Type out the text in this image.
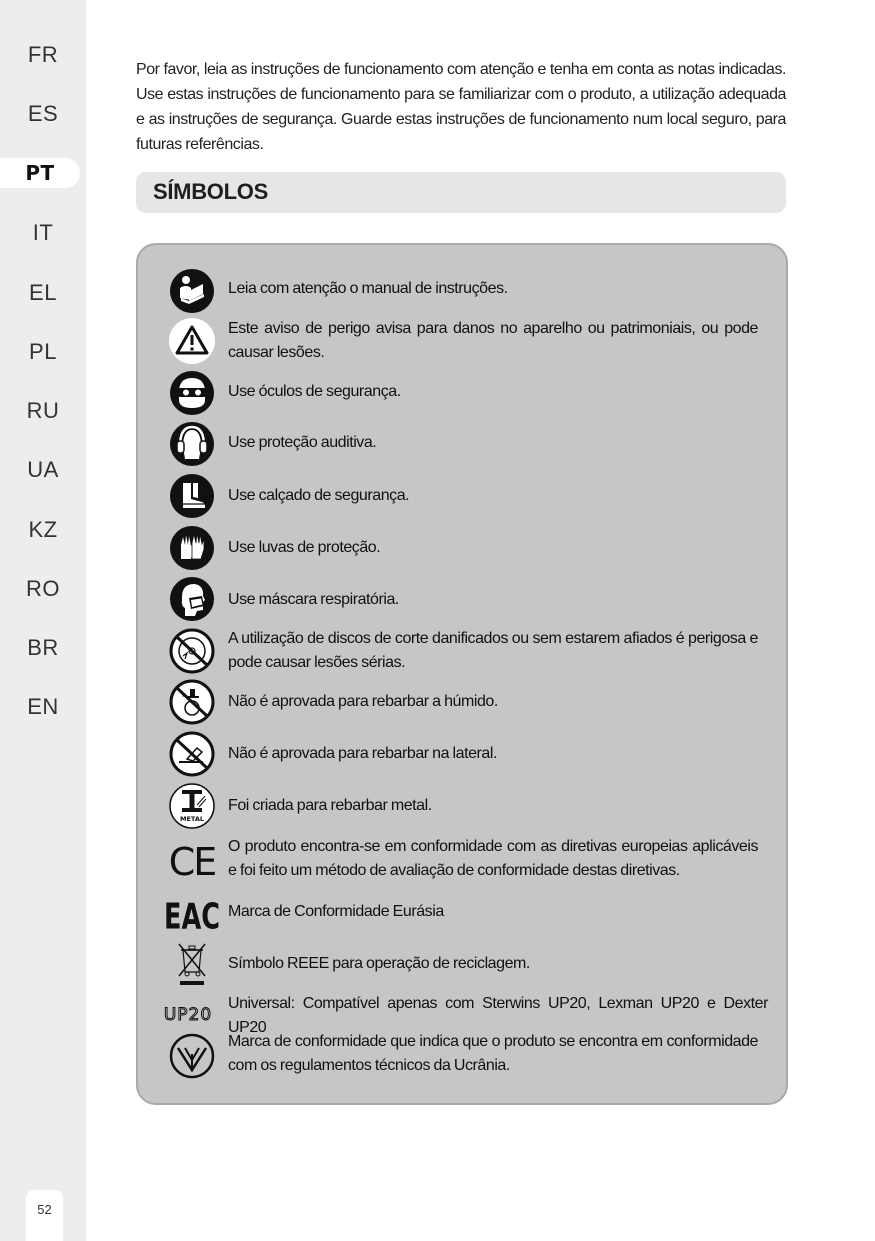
FR
ES
PT
IT
EL
PL
RU
UA
KZ
RO
BR
EN
52
Por favor, leia as instruções de funcionamento com atenção e tenha em conta as notas indicadas. Use estas instruções de funcionamento para se familiarizar com o produto, a utilização adequada e as instruções de segurança. Guarde estas instruções de funcionamento num local seguro, para futuras referências.
SÍMBOLOS
Leia com atenção o manual de instruções.
Este aviso de perigo avisa para danos no aparelho ou patrimoniais, ou pode causar lesões.
Use óculos de segurança.
Use proteção auditiva.
Use calçado de segurança.
Use luvas de proteção.
Use máscara respiratória.
A utilização de discos de corte danificados ou sem estarem afiados é perigosa e pode causar lesões sérias.
Não é aprovada para rebarbar a húmido.
Não é aprovada para rebarbar na lateral.
METAL
Foi criada para rebarbar metal.
CE O produto encontra-se em conformidade com as diretivas europeias aplicáveis e foi feito um método de avaliação de conformidade destas diretivas.
EAC Marca de Conformidade Eurásia
Símbolo REEE para operação de reciclagem.
UP20
Universal: Compatível apenas com Sterwins UP20, Lexman UP20 e Dexter UP20
Marca de conformidade que indica que o produto se encontra em conformidade com os regulamentos técnicos da Ucrânia.
